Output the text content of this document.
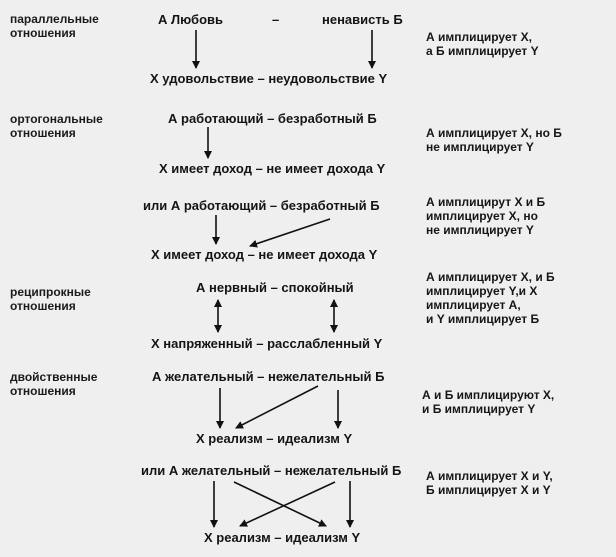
параллельные
отношения
ортогональные
отношения
реципрокные
отношения
двойственные
отношения
А Любовь	–	ненависть Б
Х удовольствие – неудовольствие Y
А работающий – безработный Б
Х имеет доход – не имеет дохода Y
или А работающий – безработный Б
Х имеет доход – не имеет дохода Y
А нервный – спокойный
Х напряженный – расслабленный Y
А желательный – нежелательный Б
Х реализм – идеализм Y
или А желательный – нежелательный Б
Х реализм – идеализм Y
А имплицирует Х,
а Б имплицирует Y
А имплицирует Х, но Б
не имплицирует Y
А имплицирут Х и Б
имплицирует Х, но
не имплицирует Y
А имплицирует Х, и Б
имплицирует Y,и Х
имплицирует А,
и Y имплицирует Б
А и Б имплицируют Х,
и Б имплицирует Y
А имплицирует Х и Y,
Б имплицирует Х и Y
